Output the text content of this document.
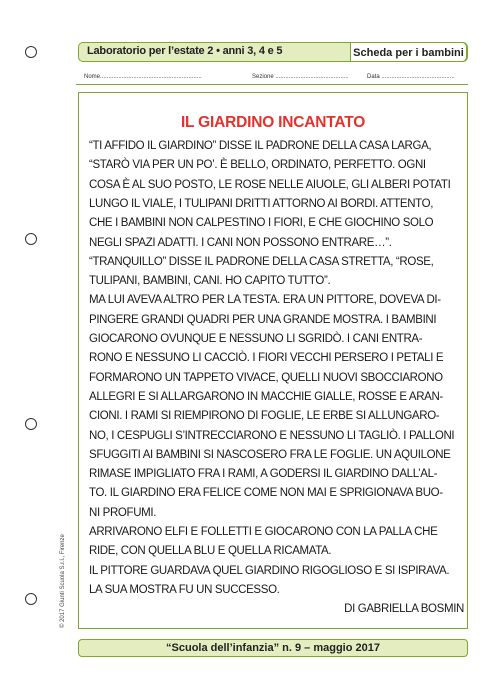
Laboratorio per l’estate 2 • anni 3, 4 e 5	Scheda per i bambini
Nome.............................................................	Sezione ............................................	Data ............................................
IL GIARDINO INCANTATO
“TI AFFIDO IL GIARDINO” DISSE IL PADRONE DELLA CASA LARGA,
“STARÒ VIA PER UN PO’. È BELLO, ORDINATO, PERFETTO. OGNI
COSA È AL SUO POSTO, LE ROSE NELLE AIUOLE, GLI ALBERI POTATI
LUNGO IL VIALE, I TULIPANI DRITTI ATTORNO AI BORDI. ATTENTO,
CHE I BAMBINI NON CALPESTINO I FIORI, E CHE GIOCHINO SOLO
NEGLI SPAZI ADATTI. I CANI NON POSSONO ENTRARE…”.
“TRANQUILLO” DISSE IL PADRONE DELLA CASA STRETTA, “ROSE,
TULIPANI, BAMBINI, CANI. HO CAPITO TUTTO”.
MA LUI AVEVA ALTRO PER LA TESTA. ERA UN PITTORE, DOVEVA DI-
PINGERE GRANDI QUADRI PER UNA GRANDE MOSTRA. I BAMBINI
GIOCARONO OVUNQUE E NESSUNO LI SGRIDÒ. I CANI ENTRA-
RONO E NESSUNO LI CACCIÒ. I FIORI VECCHI PERSERO I PETALI E
FORMARONO UN TAPPETO VIVACE, QUELLI NUOVI SBOCCIARONO
ALLEGRI E SI ALLARGARONO IN MACCHIE GIALLE, ROSSE E ARAN-
CIONI. I RAMI SI RIEMPIRONO DI FOGLIE, LE ERBE SI ALLUNGARO-
NO, I CESPUGLI S’INTRECCIARONO E NESSUNO LI TAGLIÒ. I PALLONI
SFUGGITI AI BAMBINI SI NASCOSERO FRA LE FOGLIE. UN AQUILONE
RIMASE IMPIGLIATO FRA I RAMI, A GODERSI IL GIARDINO DALL’AL-
TO. IL GIARDINO ERA FELICE COME NON MAI E SPRIGIONAVA BUO-
NI PROFUMI.
ARRIVARONO ELFI E FOLLETTI E GIOCARONO CON LA PALLA CHE
RIDE, CON QUELLA BLU E QUELLA RICAMATA.
IL PITTORE GUARDAVA QUEL GIARDINO RIGOGLIOSO E SI ISPIRAVA.
LA SUA MOSTRA FU UN SUCCESSO.
DI GABRIELLA BOSMIN
© 2017 Giunti Scuola S.r.l., Firenze
“Scuola dell’infanzia” n. 9 – maggio 2017
